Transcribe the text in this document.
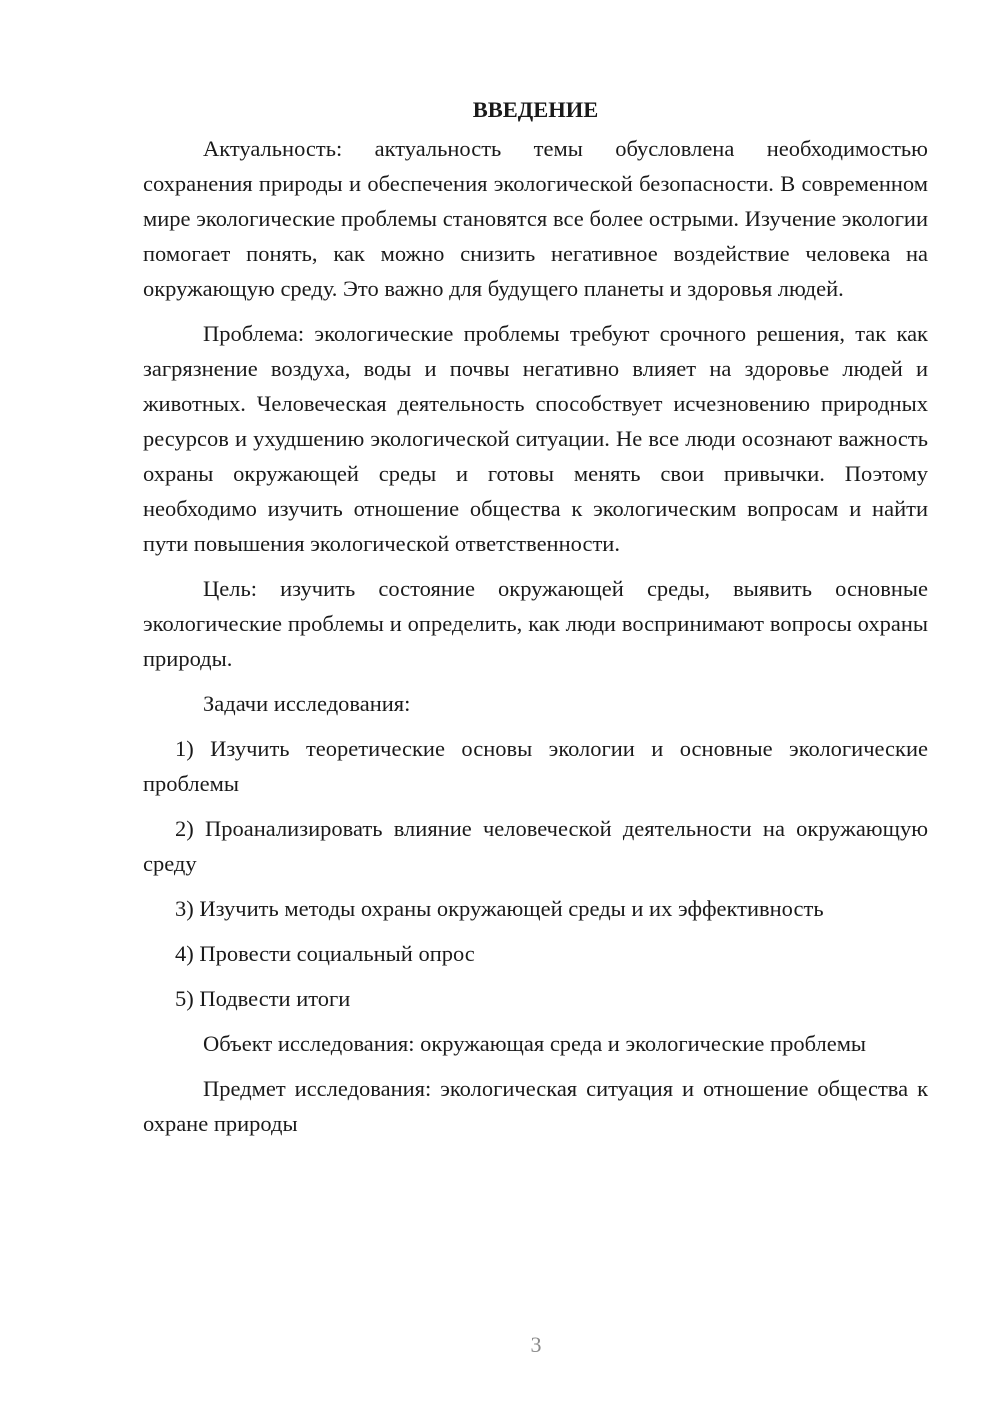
ВВЕДЕНИЕ

Актуальность: актуальность темы обусловлена необходимостью сохранения природы и обеспечения экологической безопасности. В современном мире экологические проблемы становятся все более острыми. Изучение экологии помогает понять, как можно снизить негативное воздействие человека на окружающую среду. Это важно для будущего планеты и здоровья людей.

Проблема: экологические проблемы требуют срочного решения, так как загрязнение воздуха, воды и почвы негативно влияет на здоровье людей и животных. Человеческая деятельность способствует исчезновению природных ресурсов и ухудшению экологической ситуации. Не все люди осознают важность охраны окружающей среды и готовы менять свои привычки. Поэтому необходимо изучить отношение общества к экологическим вопросам и найти пути повышения экологической ответственности.

Цель: изучить состояние окружающей среды, выявить основные экологические проблемы и определить, как люди воспринимают вопросы охраны природы.

Задачи исследования:

1) Изучить теоретические основы экологии и основные экологические проблемы

2) Проанализировать влияние человеческой деятельности на окружающую среду

3) Изучить методы охраны окружающей среды и их эффективность

4) Провести социальный опрос

5) Подвести итоги

Объект исследования: окружающая среда и экологические проблемы

Предмет исследования: экологическая ситуация и отношение общества к охране природы

3
